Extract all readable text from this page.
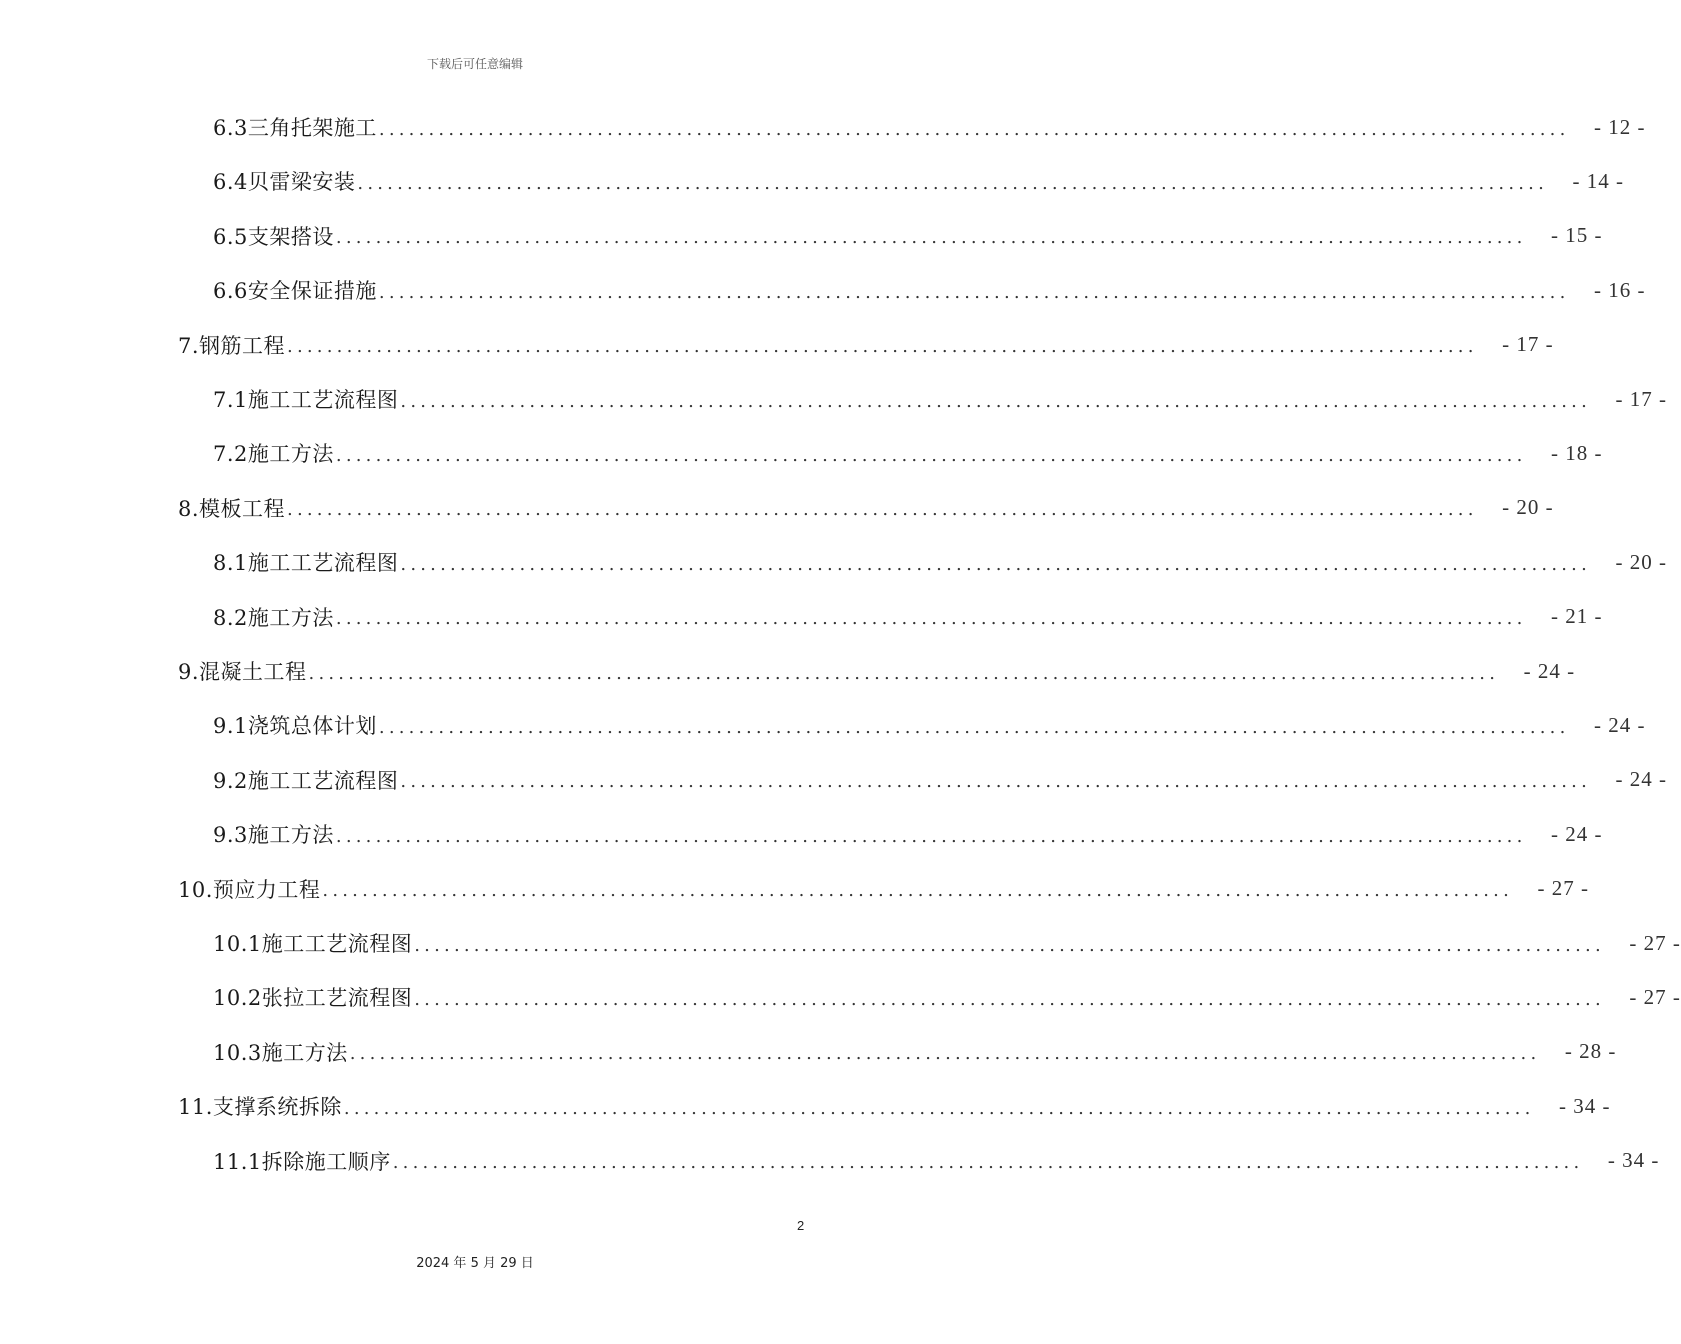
下载后可任意编辑
6.3三角托架施工 ........................................................................................................................	- 12 -
6.4贝雷梁安装 ........................................................................................................................	- 14 -
6.5支架搭设 ........................................................................................................................	- 15 -
6.6安全保证措施 ........................................................................................................................	- 16 -
7.钢筋工程 ........................................................................................................................	- 17 -
7.1施工工艺流程图 ........................................................................................................................	- 17 -
7.2施工方法 ........................................................................................................................	- 18 -
8.模板工程 ........................................................................................................................	- 20 -
8.1施工工艺流程图 ........................................................................................................................	- 20 -
8.2施工方法 ........................................................................................................................	- 21 -
9.混凝土工程 ........................................................................................................................	- 24 -
9.1浇筑总体计划 ........................................................................................................................	- 24 -
9.2施工工艺流程图 ........................................................................................................................	- 24 -
9.3施工方法 ........................................................................................................................	- 24 -
10.预应力工程 ........................................................................................................................	- 27 -
10.1施工工艺流程图 ........................................................................................................................	- 27 -
10.2张拉工艺流程图 ........................................................................................................................	- 27 -
10.3施工方法 ........................................................................................................................	- 28 -
11.支撑系统拆除 ........................................................................................................................	- 34 -
11.1拆除施工顺序 ........................................................................................................................	- 34 -
2
2024 年 5 月 29 日
